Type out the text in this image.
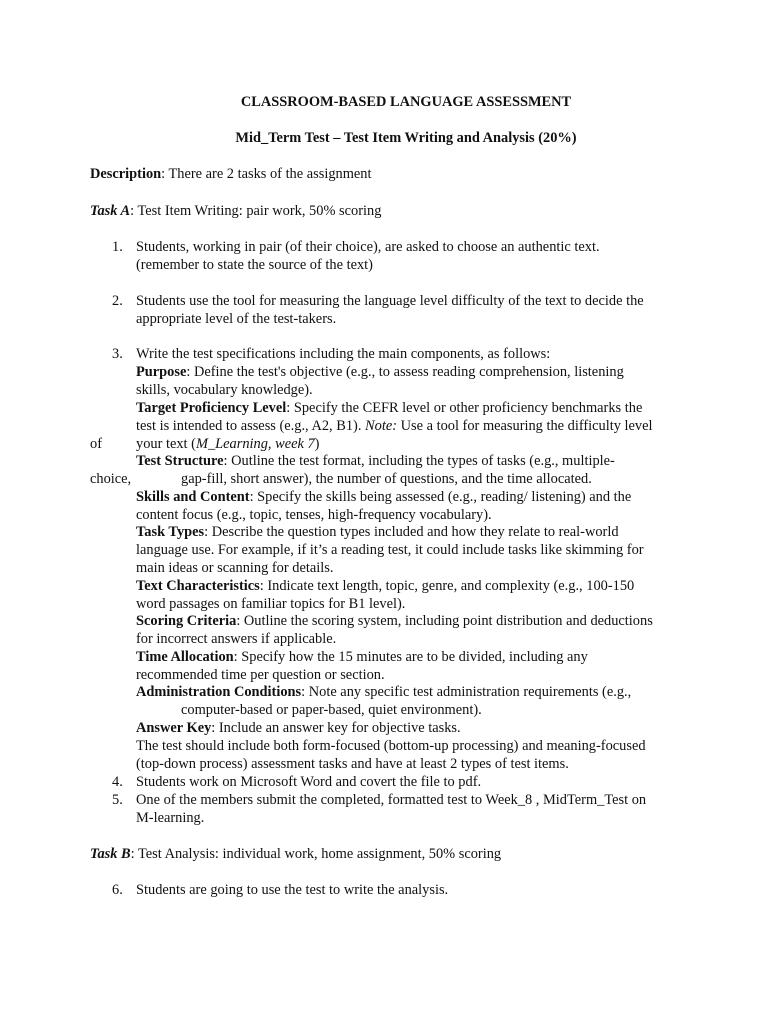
CLASSROOM-BASED LANGUAGE ASSESSMENT
Mid_Term Test – Test Item Writing and Analysis (20%)
Description: There are 2 tasks of the assignment
Task A: Test Item Writing: pair work, 50% scoring
1. Students, working in pair (of their choice), are asked to choose an authentic text.
(remember to state the source of the text)
2. Students use the tool for measuring the language level difficulty of the text to decide the
appropriate level of the test-takers.
3. Write the test specifications including the main components, as follows:
Purpose: Define the test's objective (e.g., to assess reading comprehension, listening
skills, vocabulary knowledge).
Target Proficiency Level: Specify the CEFR level or other proficiency benchmarks the
test is intended to assess (e.g., A2, B1). Note: Use a tool for measuring the difficulty level
of your text (M_Learning, week 7)
Test Structure: Outline the test format, including the types of tasks (e.g., multiple-
choice,	gap-fill, short answer), the number of questions, and the time allocated.
Skills and Content: Specify the skills being assessed (e.g., reading/ listening) and the
content focus (e.g., topic, tenses, high-frequency vocabulary).
Task Types: Describe the question types included and how they relate to real-world
language use. For example, if it’s a reading test, it could include tasks like skimming for
main ideas or scanning for details.
Text Characteristics: Indicate text length, topic, genre, and complexity (e.g., 100-150
word passages on familiar topics for B1 level).
Scoring Criteria: Outline the scoring system, including point distribution and deductions
for incorrect answers if applicable.
Time Allocation: Specify how the 15 minutes are to be divided, including any
recommended time per question or section.
Administration Conditions: Note any specific test administration requirements (e.g.,
computer-based or paper-based, quiet environment).
Answer Key: Include an answer key for objective tasks.
The test should include both form-focused (bottom-up processing) and meaning-focused
(top-down process) assessment tasks and have at least 2 types of test items.
4. Students work on Microsoft Word and covert the file to pdf.
5. One of the members submit the completed, formatted test to Week_8 , MidTerm_Test on
M-learning.
Task B: Test Analysis: individual work, home assignment, 50% scoring
6. Students are going to use the test to write the analysis.
